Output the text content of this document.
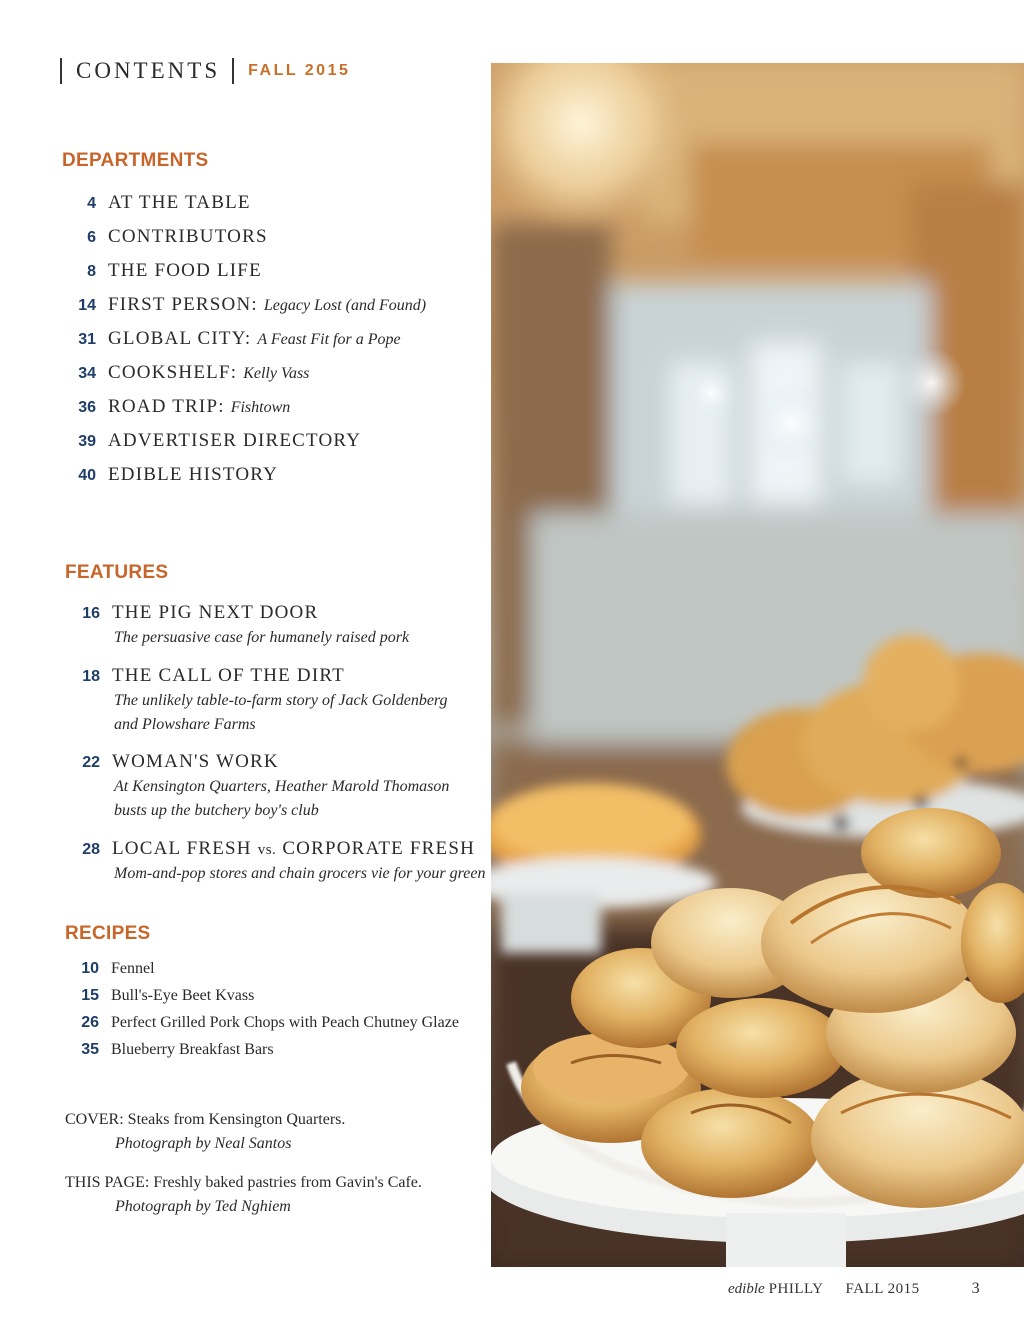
CONTENTS FALL 2015
DEPARTMENTS
4 AT THE TABLE
6 CONTRIBUTORS
8 THE FOOD LIFE
14 FIRST PERSON: Legacy Lost (and Found)
31 GLOBAL CITY: A Feast Fit for a Pope
34 COOKSHELF: Kelly Vass
36 ROAD TRIP: Fishtown
39 ADVERTISER DIRECTORY
40 EDIBLE HISTORY
FEATURES
16 THE PIG NEXT DOOR
The persuasive case for humanely raised pork
18 THE CALL OF THE DIRT
The unlikely table-to-farm story of Jack Goldenberg
and Plowshare Farms
22 WOMAN'S WORK
At Kensington Quarters, Heather Marold Thomason
busts up the butchery boy's club
28 LOCAL FRESH vs. CORPORATE FRESH
Mom-and-pop stores and chain grocers vie for your green
RECIPES
10 Fennel
15 Bull's-Eye Beet Kvass
26 Perfect Grilled Pork Chops with Peach Chutney Glaze
35 Blueberry Breakfast Bars
COVER: Steaks from Kensington Quarters.
Photograph by Neal Santos
THIS PAGE: Freshly baked pastries from Gavin's Cafe.
Photograph by Ted Nghiem
edible PHILLY FALL 2015	3
